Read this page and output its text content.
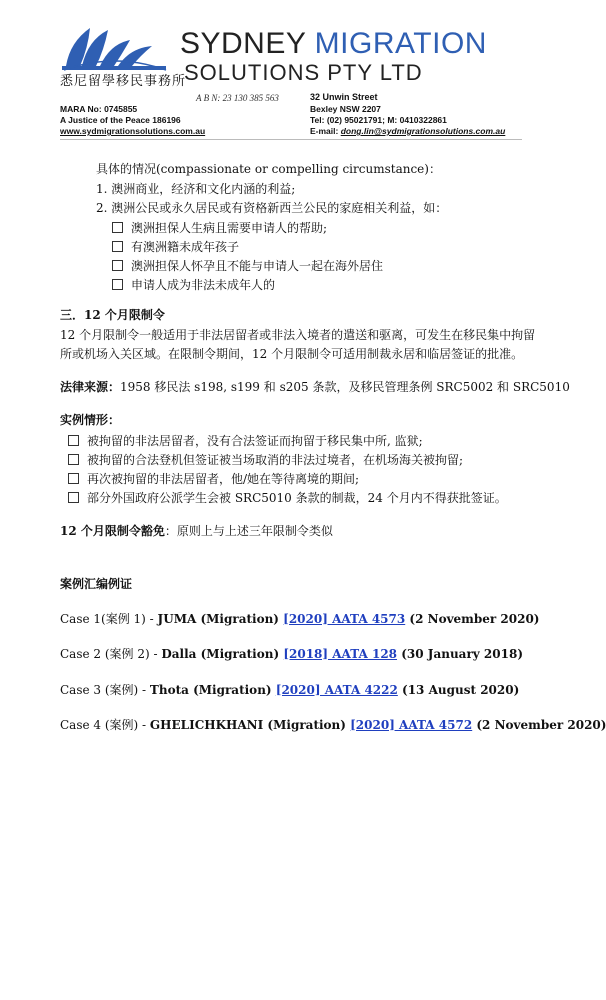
悉尼留學移民事務所
SYDNEY MIGRATION
SOLUTIONS PTY LTD
A B N: 23 130 385 563	32 Unwin Street
MARA No: 0745855	Bexley NSW 2207
A Justice of the Peace 186196	Tel: (02) 95021791; M: 0410322861
www.sydmigrationsolutions.com.au	E-mail: dong.lin@sydmigrationsolutions.com.au
具体的情况(compassionate or compelling circumstance)：
1. 澳洲商业，经济和文化内涵的利益;
2. 澳洲公民或永久居民或有资格新西兰公民的家庭相关利益，如：
澳洲担保人生病且需要申请人的帮助;
有澳洲籍未成年孩子
澳洲担保人怀孕且不能与申请人一起在海外居住
申请人成为非法未成年人的
三．12 个月限制令
12 个月限制令一般适用于非法居留者或非法入境者的遣送和驱离，可发生在移民集中拘留
所或机场入关区域。在限制令期间，12 个月限制令可适用制裁永居和临居签证的批准。
法律来源：1958 移民法 s198, s199 和 s205 条款，及移民管理条例 SRC5002 和 SRC5010
实例情形：
被拘留的非法居留者，没有合法签证而拘留于移民集中所, 监狱;
被拘留的合法登机但签证被当场取消的非法过境者，在机场海关被拘留;
再次被拘留的非法居留者，他/她在等待离境的期间;
部分外国政府公派学生会被 SRC5010 条款的制裁，24 个月内不得获批签证。
12 个月限制令豁免：原则上与上述三年限制令类似
案例汇编例证
Case 1(案例 1) - JUMA (Migration) [2020] AATA 4573 (2 November 2020)
Case 2 (案例 2) - Dalla (Migration) [2018] AATA 128 (30 January 2018)
Case 3 (案例) - Thota (Migration) [2020] AATA 4222 (13 August 2020)
Case 4 (案例) - GHELICHKHANI (Migration) [2020] AATA 4572 (2 November 2020)
